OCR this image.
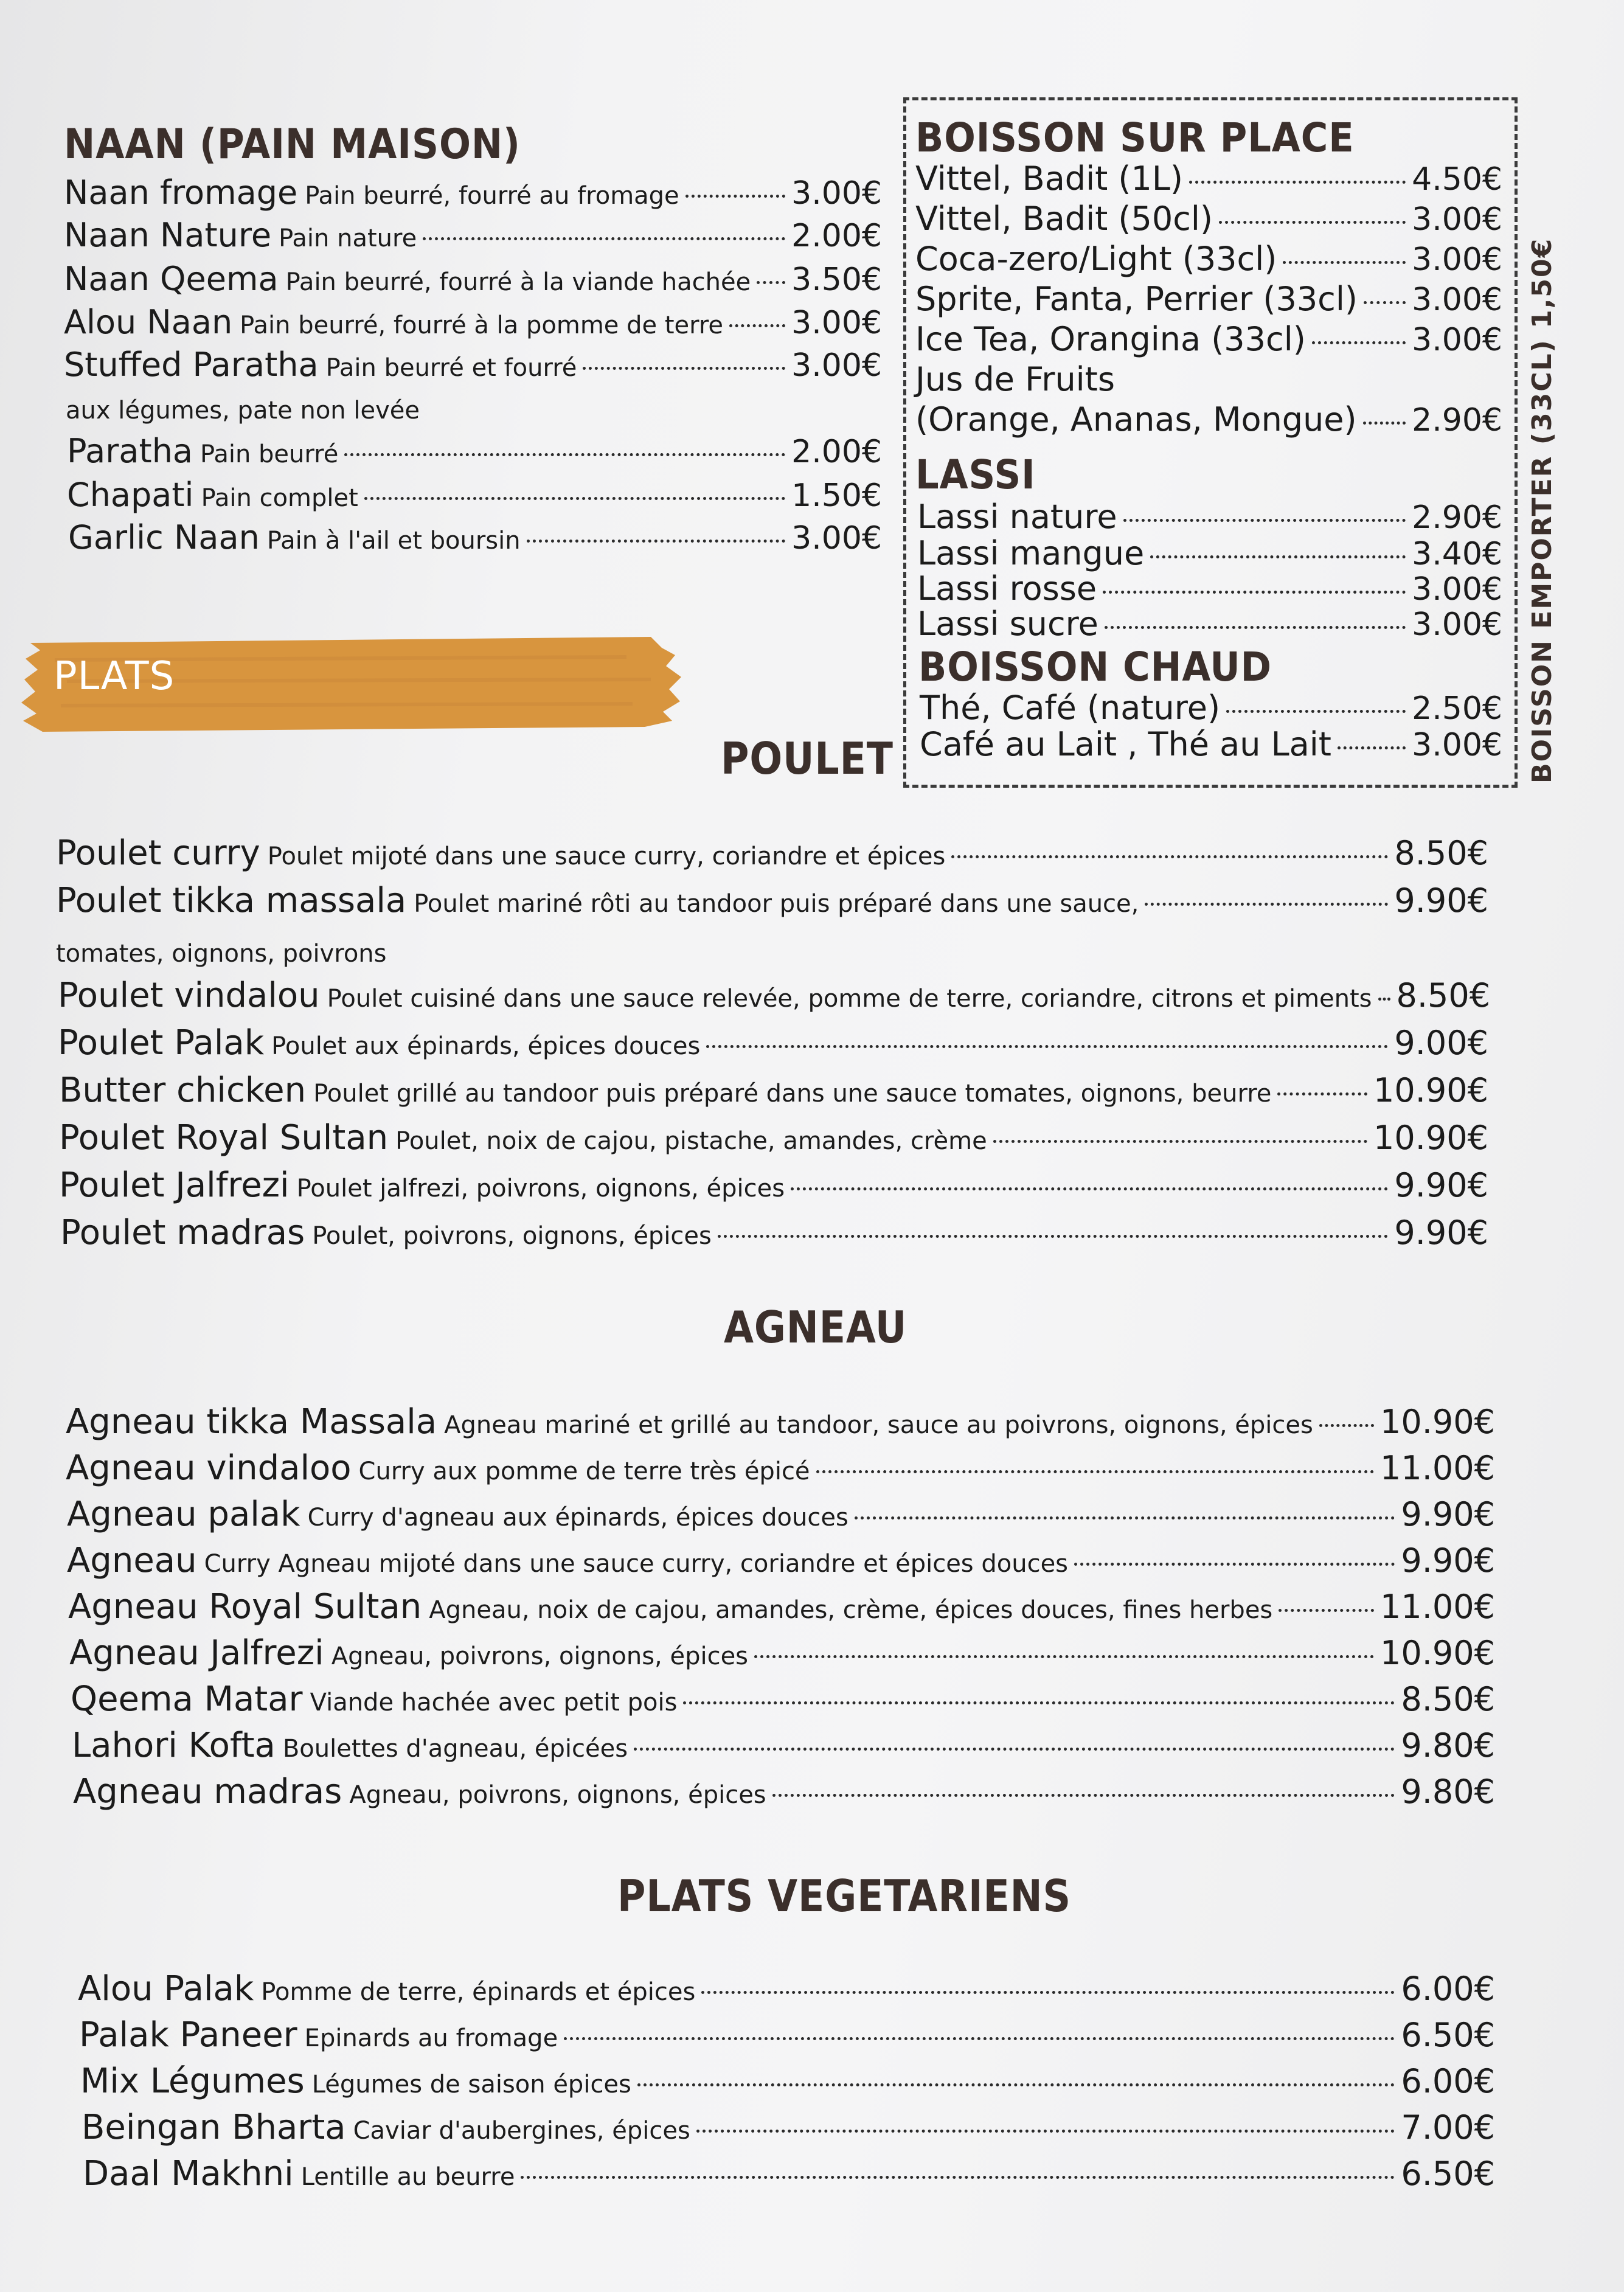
NAAN (PAIN MAISON)
Naan fromage Pain beurré, fourré au fromage	3.00€
Naan Nature Pain nature	2.00€
Naan Qeema Pain beurré, fourré à la viande hachée 3.50€
Alou Naan Pain beurré, fourré à la pomme de terre 3.00€
Stuffed Paratha Pain beurré et fourré	3.00€
aux légumes, pate non levée
Paratha Pain beurré	2.00€
Chapati Pain complet	1.50€
Garlic Naan Pain à l'ail et boursin	3.00€
BOISSON SUR PLACE
Vittel, Badit (1L)	4.50€
Vittel, Badit (50cl)	3.00€
Coca-zero/Light (33cl)	3.00€
Sprite, Fanta, Perrier (33cl) 3.00€
Ice Tea, Orangina (33cl)	3.00€
Jus de Fruits
(Orange, Ananas, Mongue) 2.90€
LASSI
Lassi nature	2.90€
Lassi mangue	3.40€
Lassi rosse	3.00€
Lassi sucre	3.00€
BOISSON CHAUD
Thé, Café (nature)	2.50€
Café au Lait , Thé au Lait	3.00€ BOISSON EMPORTER (33CL) 1,50€
PLATS
POULET
Poulet curry Poulet mijoté dans une sauce curry, coriandre et épices	8.50€
Poulet tikka massala Poulet mariné rôti au tandoor puis préparé dans une sauce,	9.90€
tomates, oignons, poivrons
Poulet vindalou Poulet cuisiné dans une sauce relevée, pomme de terre, coriandre, citrons et piments 8.50€
Poulet Palak Poulet aux épinards, épices douces	9.00€
Butter chicken Poulet grillé au tandoor puis préparé dans une sauce tomates, oignons, beurre	10.90€
Poulet Royal Sultan Poulet, noix de cajou, pistache, amandes, crème	10.90€
Poulet Jalfrezi Poulet jalfrezi, poivrons, oignons, épices	9.90€
Poulet madras Poulet, poivrons, oignons, épices	9.90€
AGNEAU
Agneau tikka Massala Agneau mariné et grillé au tandoor, sauce au poivrons, oignons, épices 10.90€
Agneau vindaloo Curry aux pomme de terre très épicé	11.00€
Agneau palak Curry d'agneau aux épinards, épices douces	9.90€
Agneau Curry Agneau mijoté dans une sauce curry, coriandre et épices douces	9.90€
Agneau Royal Sultan Agneau, noix de cajou, amandes, crème, épices douces, fines herbes	11.00€
Agneau Jalfrezi Agneau, poivrons, oignons, épices	10.90€
Qeema Matar Viande hachée avec petit pois	8.50€
Lahori Kofta Boulettes d'agneau, épicées	9.80€
Agneau madras Agneau, poivrons, oignons, épices	9.80€
PLATS VEGETARIENS
Alou Palak Pomme de terre, épinards et épices	6.00€
Palak Paneer Epinards au fromage	6.50€
Mix Légumes Légumes de saison épices	6.00€
Beingan Bharta Caviar d'aubergines, épices	7.00€
Daal Makhni Lentille au beurre	6.50€
